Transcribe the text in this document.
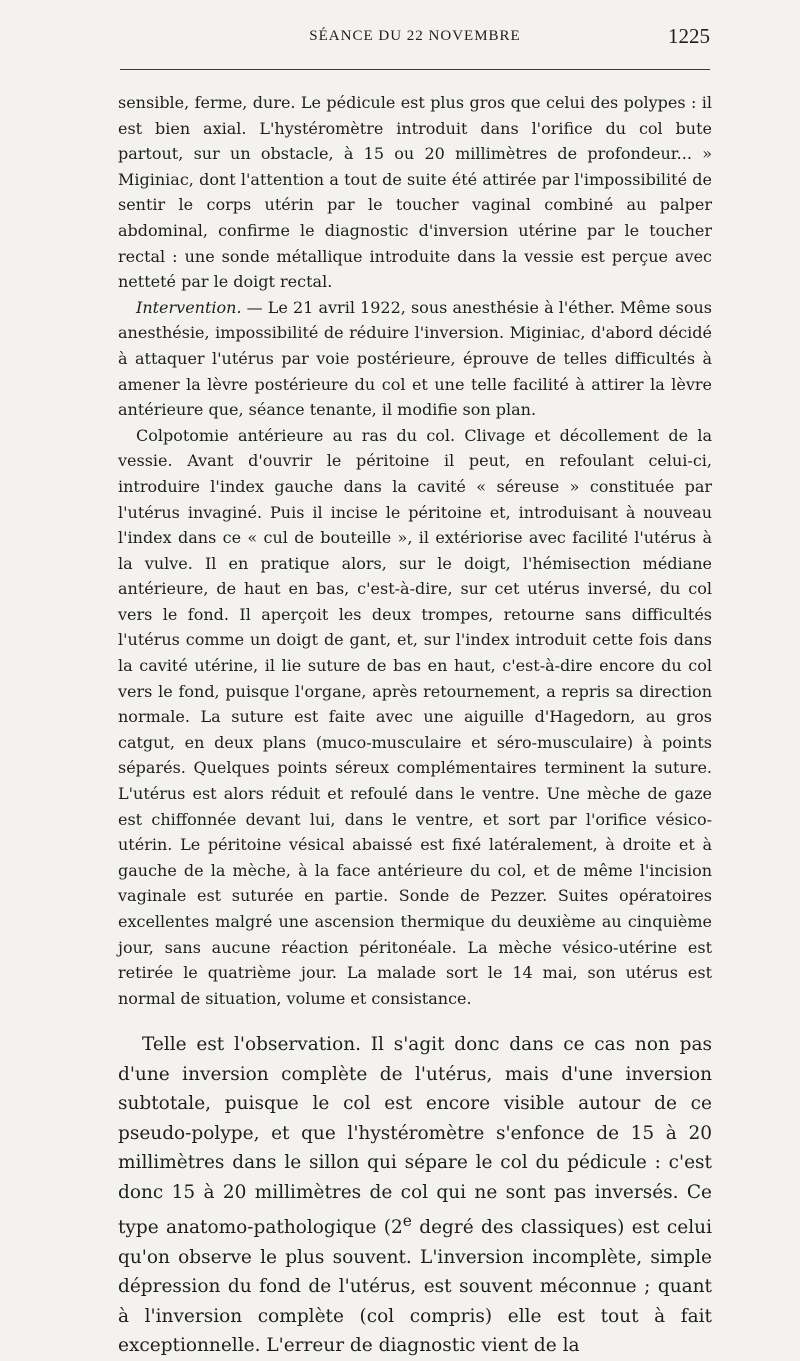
SÉANCE DU 22 NOVEMBRE	1225

sensible, ferme, dure. Le pédicule est plus gros que celui des polypes : il est bien axial. L'hystéromètre introduit dans l'orifice du col bute partout, sur un obstacle, à 15 ou 20 millimètres de profondeur... » Miginiac, dont l'attention a tout de suite été attirée par l'impossibilité de sentir le corps utérin par le toucher vaginal combiné au palper abdominal, confirme le diagnostic d'inversion utérine par le toucher rectal : une sonde métallique introduite dans la vessie est perçue avec netteté par le doigt rectal.

Intervention. — Le 21 avril 1922, sous anesthésie à l'éther. Même sous anesthésie, impossibilité de réduire l'inversion. Miginiac, d'abord décidé à attaquer l'utérus par voie postérieure, éprouve de telles difficultés à amener la lèvre postérieure du col et une telle facilité à attirer la lèvre antérieure que, séance tenante, il modifie son plan.

Colpotomie antérieure au ras du col. Clivage et décollement de la vessie. Avant d'ouvrir le péritoine il peut, en refoulant celui-ci, introduire l'index gauche dans la cavité « séreuse » constituée par l'utérus invaginé. Puis il incise le péritoine et, introduisant à nouveau l'index dans ce « cul de bouteille », il extériorise avec facilité l'utérus à la vulve. Il en pratique alors, sur le doigt, l'hémisection médiane antérieure, de haut en bas, c'est-à-dire, sur cet utérus inversé, du col vers le fond. Il aperçoit les deux trompes, retourne sans difficultés l'utérus comme un doigt de gant, et, sur l'index introduit cette fois dans la cavité utérine, il lie suture de bas en haut, c'est-à-dire encore du col vers le fond, puisque l'organe, après retournement, a repris sa direction normale. La suture est faite avec une aiguille d'Hagedorn, au gros catgut, en deux plans (muco-musculaire et séro-musculaire) à points séparés. Quelques points séreux complémentaires terminent la suture. L'utérus est alors réduit et refoulé dans le ventre. Une mèche de gaze est chiffonnée devant lui, dans le ventre, et sort par l'orifice vésico-utérin. Le péritoine vésical abaissé est fixé latéralement, à droite et à gauche de la mèche, à la face antérieure du col, et de même l'incision vaginale est suturée en partie. Sonde de Pezzer. Suites opératoires excellentes malgré une ascension thermique du deuxième au cinquième jour, sans aucune réaction péritonéale. La mèche vésico-utérine est retirée le quatrième jour. La malade sort le 14 mai, son utérus est normal de situation, volume et consistance.

Telle est l'observation. Il s'agit donc dans ce cas non pas d'une inversion complète de l'utérus, mais d'une inversion subtotale, puisque le col est encore visible autour de ce pseudo-polype, et que l'hystéromètre s'enfonce de 15 à 20 millimètres dans le sillon qui sépare le col du pédicule : c'est donc 15 à 20 millimètres de col qui ne sont pas inversés. Ce type anatomo-pathologique (2e degré des classiques) est celui qu'on observe le plus souvent. L'inversion incomplète, simple dépression du fond de l'utérus, est souvent méconnue ; quant à l'inversion complète (col compris) elle est tout à fait exceptionnelle. L'erreur de diagnostic vient de la
